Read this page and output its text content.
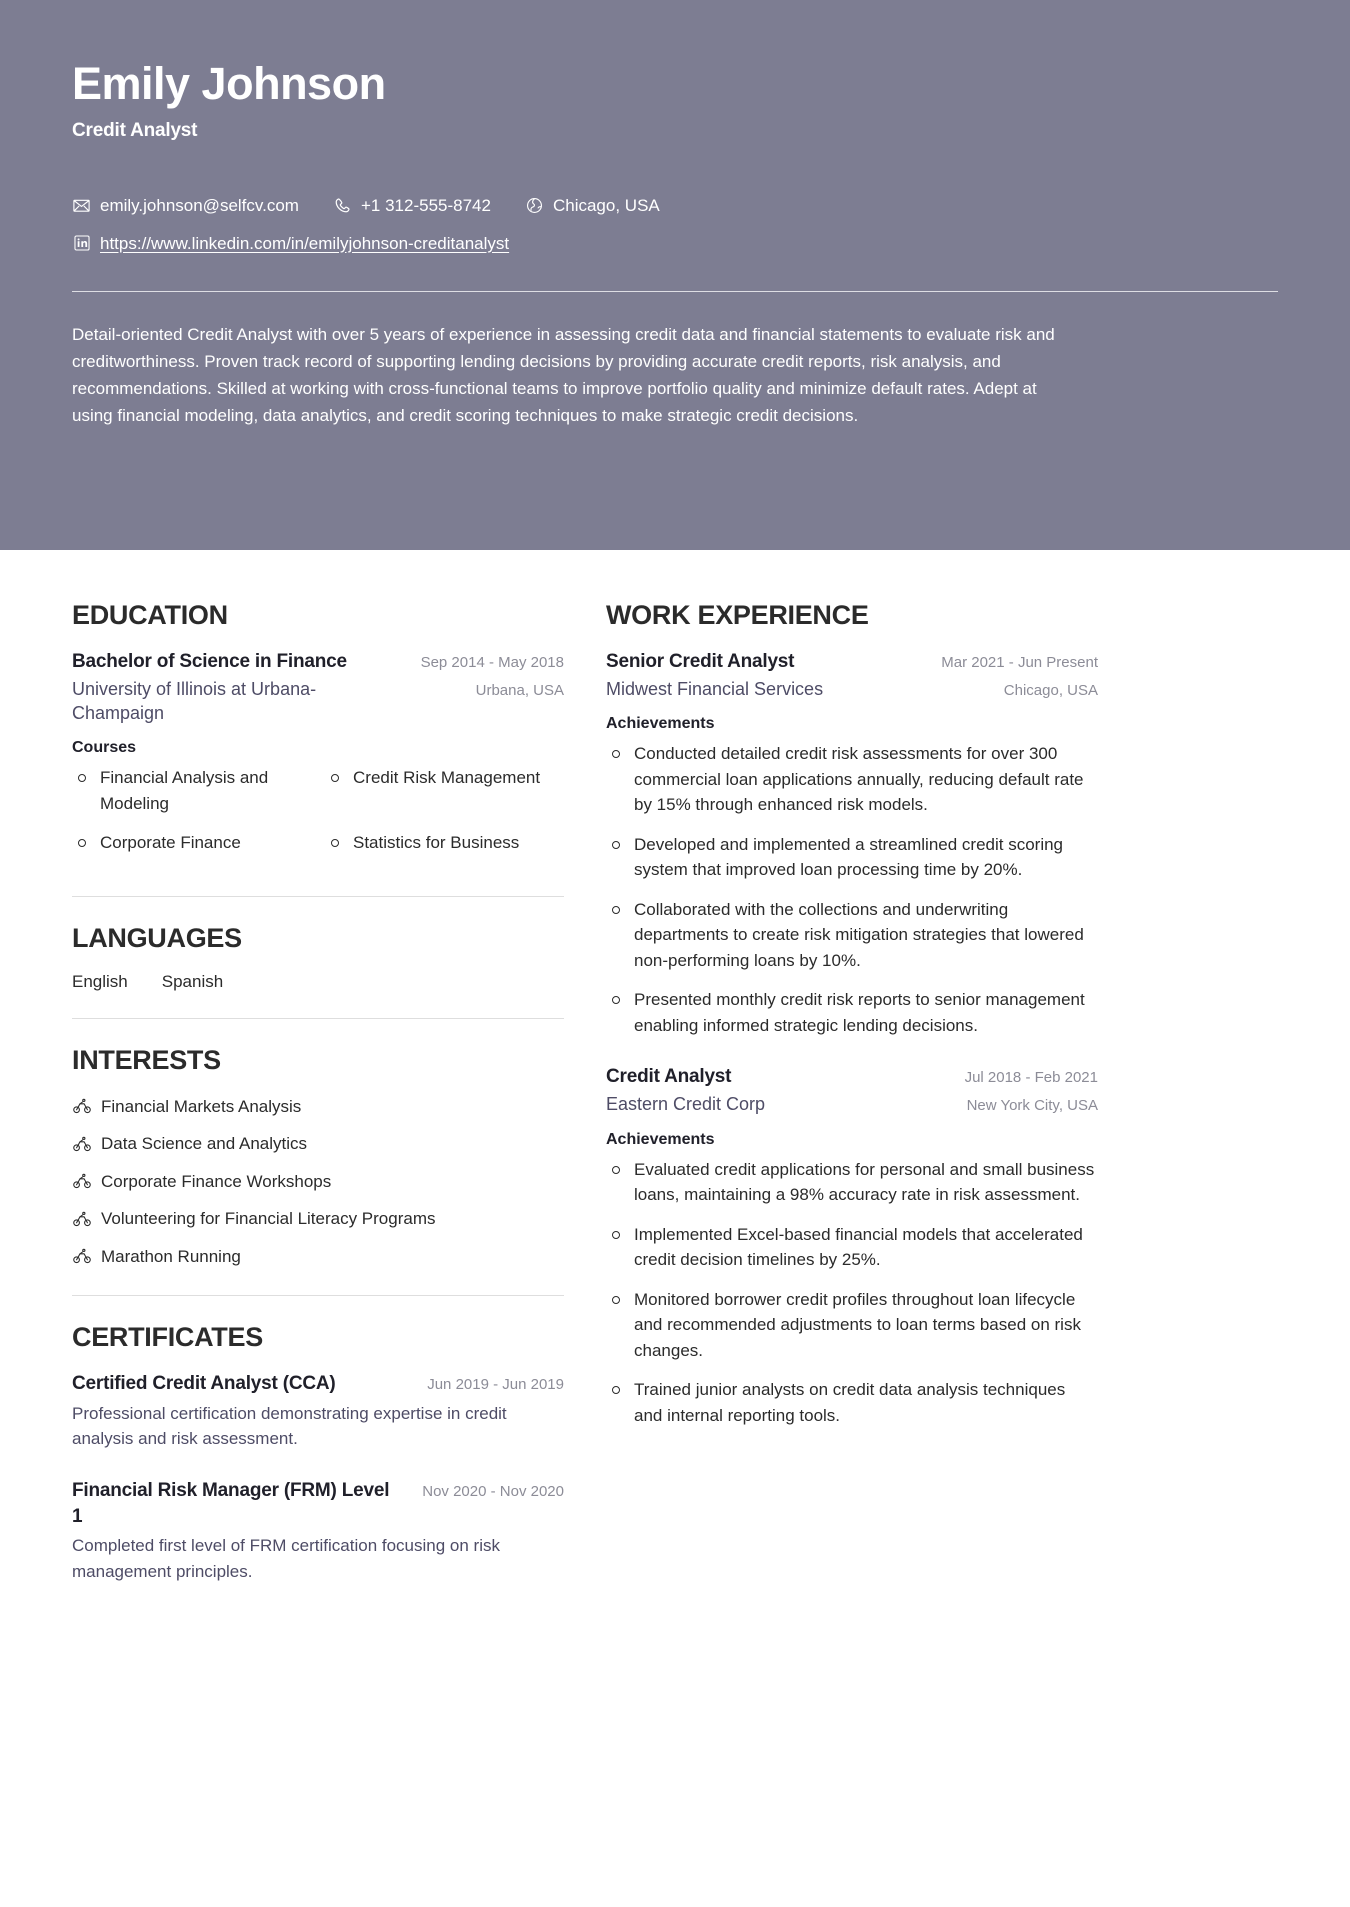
Emily Johnson
Credit Analyst
emily.johnson@selfcv.com	+1 312-555-8742	Chicago, USA
https://www.linkedin.com/in/emilyjohnson-creditanalyst
Detail-oriented Credit Analyst with over 5 years of experience in assessing credit data and financial statements to evaluate risk and creditworthiness. Proven track record of supporting lending decisions by providing accurate credit reports, risk analysis, and recommendations. Skilled at working with cross-functional teams to improve portfolio quality and minimize default rates. Adept at using financial modeling, data analytics, and credit scoring techniques to make strategic credit decisions.
EDUCATION
Bachelor of Science in Finance	Sep 2014 - May 2018
University of Illinois at Urbana-Champaign
Urbana, USA
Courses
Financial Analysis and Modeling
Credit Risk Management
Corporate Finance	Statistics for Business
LANGUAGES
English Spanish
INTERESTS
Financial Markets Analysis
Data Science and Analytics
Corporate Finance Workshops
Volunteering for Financial Literacy Programs
Marathon Running
CERTIFICATES
Certified Credit Analyst (CCA)	Jun 2019 - Jun 2019
Professional certification demonstrating expertise in credit analysis and risk assessment.
Financial Risk Manager (FRM) Level 1
Nov 2020 - Nov 2020
Completed first level of FRM certification focusing on risk management principles.
WORK EXPERIENCE
Senior Credit Analyst	Mar 2021 - Jun Present
Midwest Financial Services	Chicago, USA
Achievements
Conducted detailed credit risk assessments for over 300 commercial loan applications annually, reducing default rate by 15% through enhanced risk models.
Developed and implemented a streamlined credit scoring system that improved loan processing time by 20%.
Collaborated with the collections and underwriting departments to create risk mitigation strategies that lowered non-performing loans by 10%.
Presented monthly credit risk reports to senior management enabling informed strategic lending decisions.
Credit Analyst	Jul 2018 - Feb 2021
Eastern Credit Corp	New York City, USA
Achievements
Evaluated credit applications for personal and small business loans, maintaining a 98% accuracy rate in risk assessment.
Implemented Excel-based financial models that accelerated credit decision timelines by 25%.
Monitored borrower credit profiles throughout loan lifecycle and recommended adjustments to loan terms based on risk changes.
Trained junior analysts on credit data analysis techniques and internal reporting tools.
